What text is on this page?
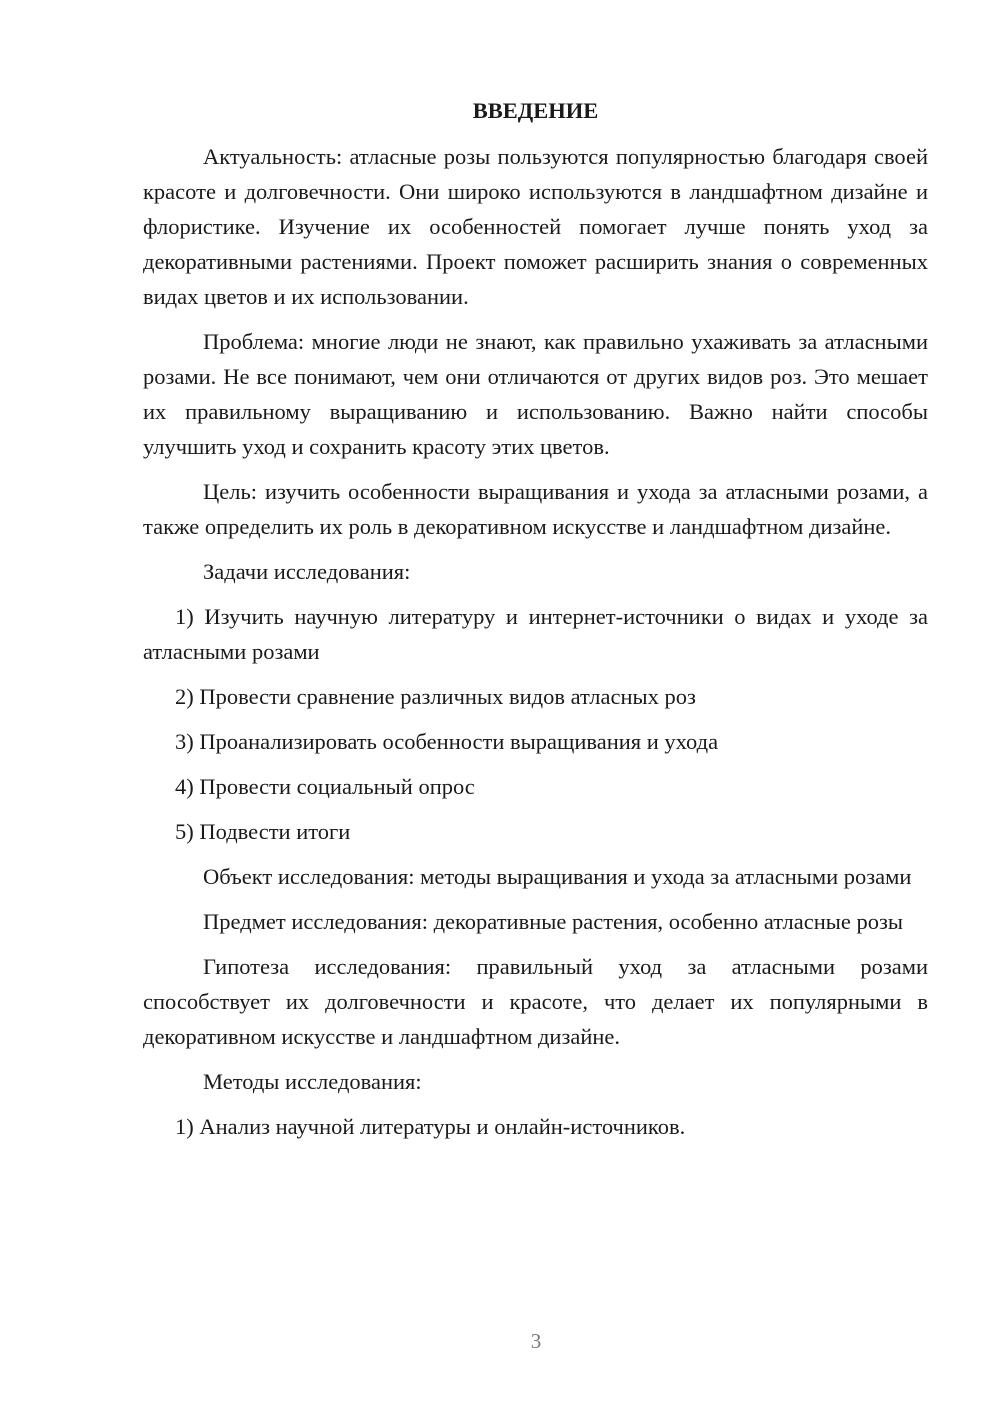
ВВЕДЕНИЕ

Актуальность: атласные розы пользуются популярностью благодаря своей красоте и долговечности. Они широко используются в ландшафтном дизайне и флористике. Изучение их особенностей помогает лучше понять уход за декоративными растениями. Проект поможет расширить знания о современных видах цветов и их использовании.

Проблема: многие люди не знают, как правильно ухаживать за атласными розами. Не все понимают, чем они отличаются от других видов роз. Это мешает их правильному выращиванию и использованию. Важно найти способы улучшить уход и сохранить красоту этих цветов.

Цель: изучить особенности выращивания и ухода за атласными розами, а также определить их роль в декоративном искусстве и ландшафтном дизайне.

Задачи исследования:

1) Изучить научную литературу и интернет-источники о видах и уходе за атласными розами

2) Провести сравнение различных видов атласных роз

3) Проанализировать особенности выращивания и ухода

4) Провести социальный опрос

5) Подвести итоги

Объект исследования: методы выращивания и ухода за атласными розами

Предмет исследования: декоративные растения, особенно атласные розы

Гипотеза исследования: правильный уход за атласными розами способствует их долговечности и красоте, что делает их популярными в декоративном искусстве и ландшафтном дизайне.

Методы исследования:

1) Анализ научной литературы и онлайн-источников.

3
